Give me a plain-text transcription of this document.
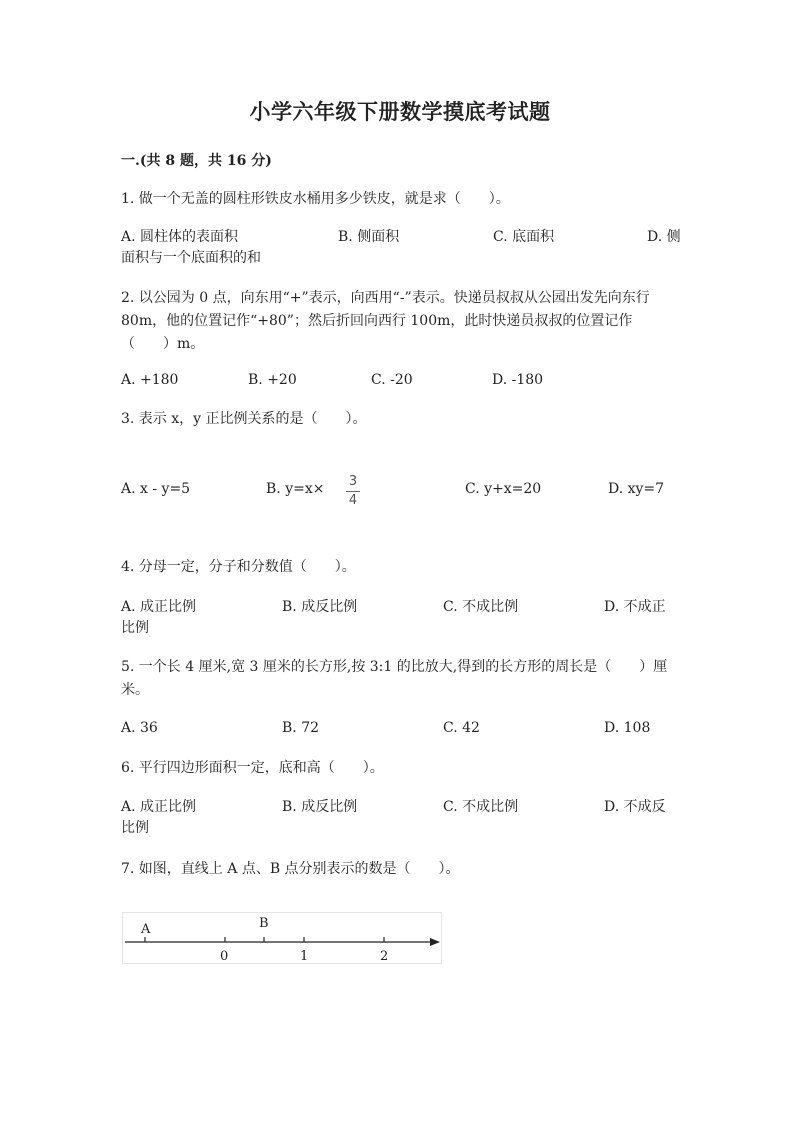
小学六年级下册数学摸底考试题
一.(共 8 题，共 16 分)
1. 做一个无盖的圆柱形铁皮水桶用多少铁皮，就是求（　　）。
A. 圆柱体的表面积	B. 侧面积	C. 底面积	D. 侧
面积与一个底面积的和
2. 以公园为 0 点，向东用“+”表示，向西用“-”表示。快递员叔叔从公园出发先向东行 80m，他的位置记作“+80”；然后折回向西行 100m，此时快递员叔叔的位置记作（　　）m。
A. +180	B. +20	C. -20	D. -180
3. 表示 x，y 正比例关系的是（　　）。
A. x - y=5	B. y=x× 3
4
C. y+x=20	D. xy=7
4. 分母一定，分子和分数值（　　）。
A. 成正比例	B. 成反比例	C. 不成比例	D. 不成正
比例
5. 一个长 4 厘米,宽 3 厘米的长方形,按 3:1 的比放大,得到的长方形的周长是（　　）厘米。
A. 36	B. 72	C. 42	D. 108
6. 平行四边形面积一定，底和高（　　）。
A. 成正比例	B. 成反比例	C. 不成比例	D. 不成反
比例
7. 如图，直线上 A 点、B 点分别表示的数是（　　）。
A	B
0	1	2
